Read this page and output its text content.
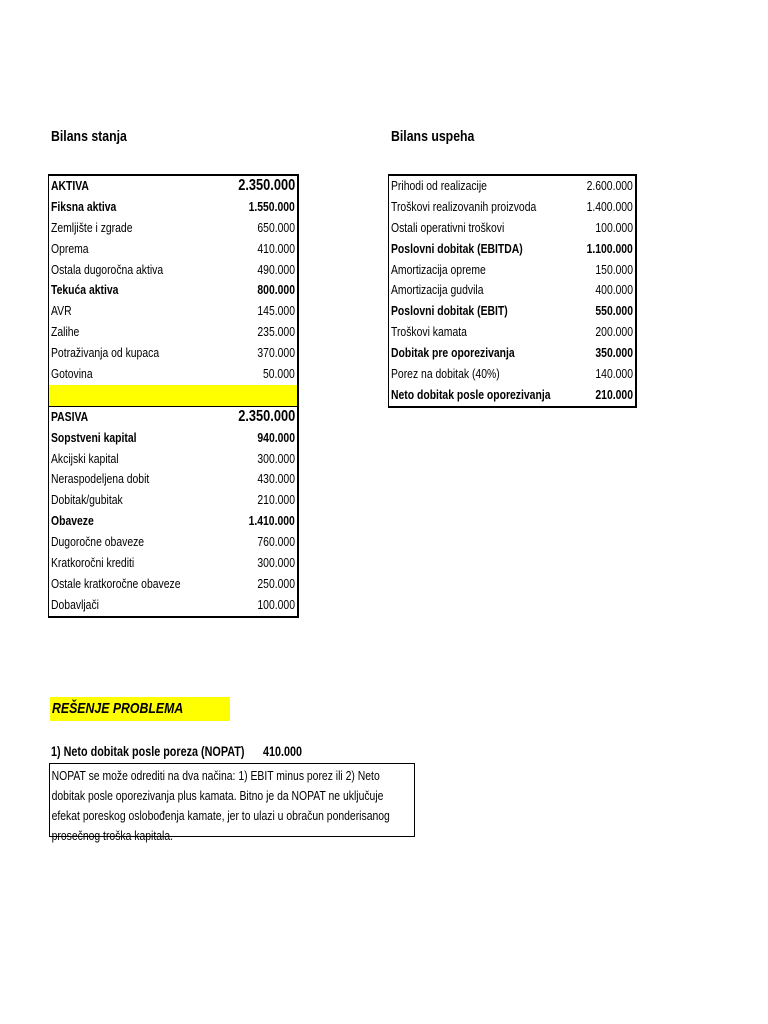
Bilans stanja	Bilans uspeha
AKTIVA	2.350.000
Fiksna aktiva	1.550.000
Zemljište i zgrade	650.000
Oprema	410.000
Ostala dugoročna aktiva	490.000
Tekuća aktiva	800.000
AVR	145.000
Zalihe	235.000
Potraživanja od kupaca	370.000
Gotovina	50.000
PASIVA	2.350.000
Sopstveni kapital	940.000
Akcijski kapital	300.000
Neraspodeljena dobit	430.000
Dobitak/gubitak	210.000
Obaveze	1.410.000
Dugoročne obaveze	760.000
Kratkoročni krediti	300.000
Ostale kratkoročne obaveze	250.000
Dobavljači	100.000
Prihodi od realizacije	2.600.000
Troškovi realizovanih proizvoda	1.400.000
Ostali operativni troškovi	100.000
Poslovni dobitak (EBITDA)	1.100.000
Amortizacija opreme	150.000
Amortizacija gudvila	400.000
Poslovni dobitak (EBIT)	550.000
Troškovi kamata	200.000
Dobitak pre oporezivanja	350.000
Porez na dobitak (40%)	140.000
Neto dobitak posle oporezivanja	210.000
REŠENJE PROBLEMA
1) Neto dobitak posle poreza (NOPAT)	410.000

NOPAT se može odrediti na dva načina: 1) EBIT minus porez ili 2) Neto dobitak posle oporezivanja plus kamata. Bitno je da NOPAT ne uključuje efekat poreskog oslobođenja kamate, jer to ulazi u obračun ponderisanog prosečnog troška kapitala.
